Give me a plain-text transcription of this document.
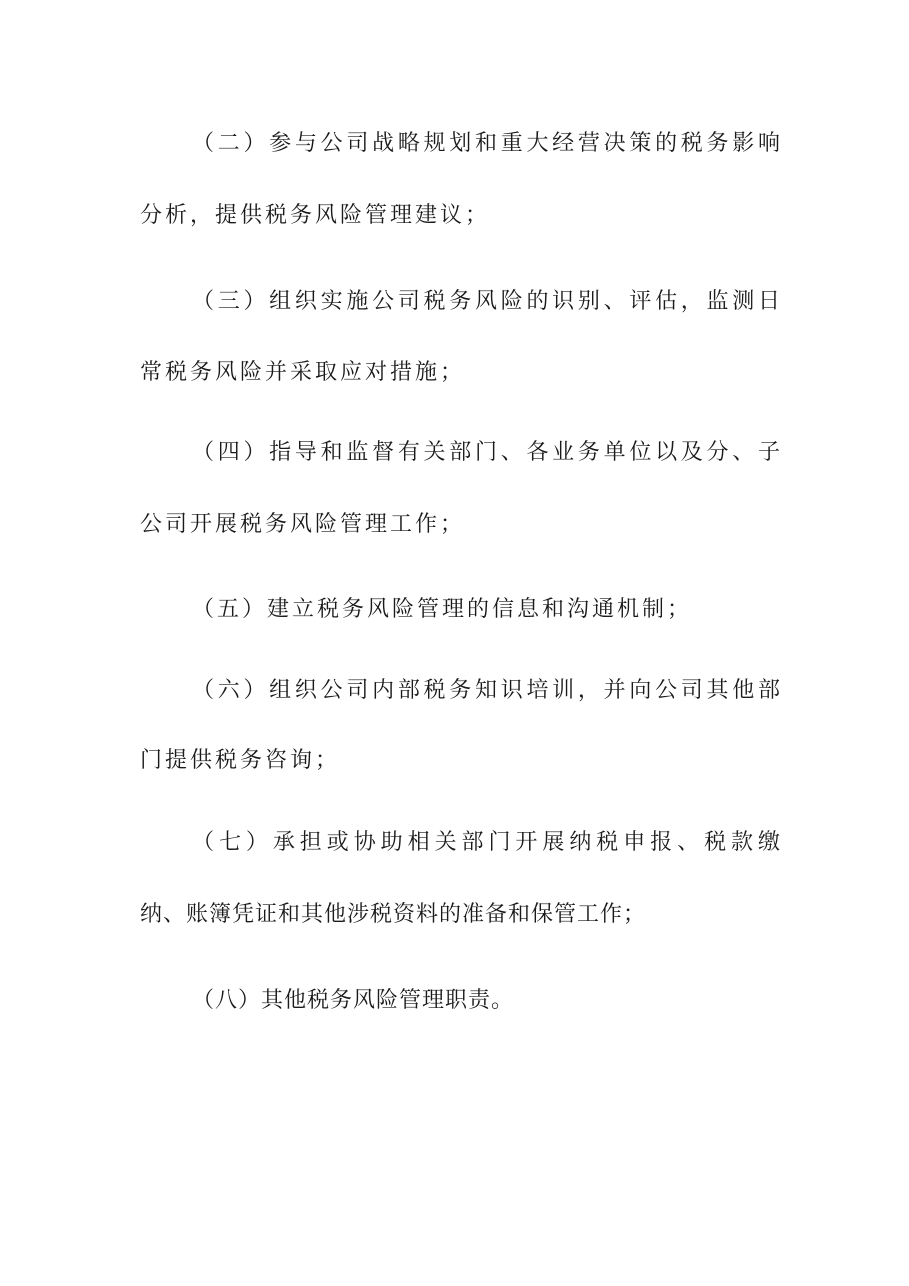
（二）参与公司战略规划和重大经营决策的税务影响
分析，提供税务风险管理建议；
（三）组织实施公司税务风险的识别、评估，监测日
常税务风险并采取应对措施；
（四）指导和监督有关部门、各业务单位以及分、子
公司开展税务风险管理工作；
（五）建立税务风险管理的信息和沟通机制；
（六）组织公司内部税务知识培训，并向公司其他部
门提供税务咨询；
（七）承担或协助相关部门开展纳税申报、税款缴
纳、账簿凭证和其他涉税资料的准备和保管工作；
（八）其他税务风险管理职责。
